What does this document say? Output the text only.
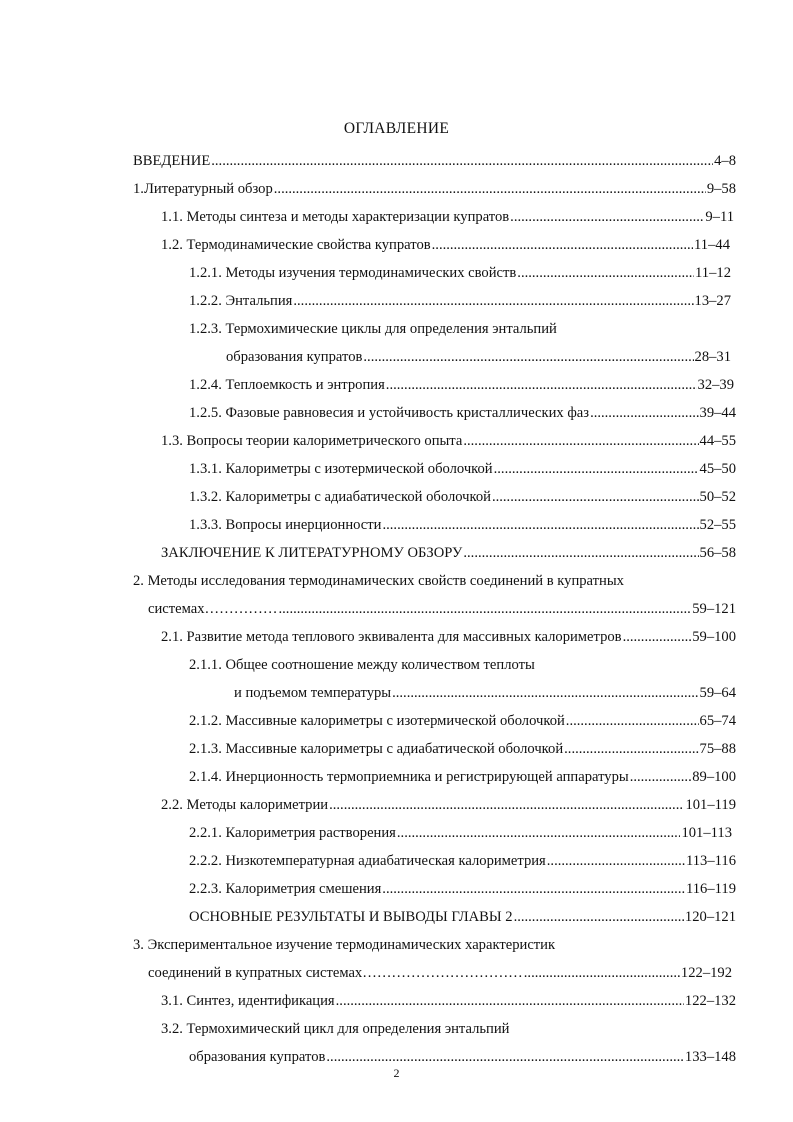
ОГЛАВЛЕНИЕ
ВВЕДЕНИЕ .....	4–8
1.Литературный обзор .....	9–58
1.1. Методы синтеза и методы характеризации купратов .....	9–11
1.2. Термодинамические свойства купратов .....	11–44
1.2.1. Методы изучения термодинамических свойств .....	11–12
1.2.2. Энтальпия .....	13–27
1.2.3. Термохимические циклы для определения энтальпий
образования купратов .....	28–31
1.2.4. Теплоемкость и энтропия .....	32–39
1.2.5. Фазовые равновесия и устойчивость кристаллических фаз .....	39–44
1.3. Вопросы теории калориметрического опыта .....	44–55
1.3.1. Калориметры с изотермической оболочкой .....	45–50
1.3.2. Калориметры с адиабатической оболочкой .....	50–52
1.3.3. Вопросы инерционности .....	52–55
ЗАКЛЮЧЕНИЕ К ЛИТЕРАТУРНОМУ ОБЗОРУ .....	56–58
2. Методы исследования термодинамических свойств соединений в купратных
системах…………… .....	59–121
2.1. Развитие метода теплового эквивалента для массивных калориметров .....	59–100
2.1.1. Общее соотношение между количеством теплоты
и подъемом температуры .....	59–64
2.1.2. Массивные калориметры с изотермической оболочкой .....	65–74
2.1.3. Массивные калориметры с адиабатической оболочкой .....	75–88
2.1.4. Инерционность термоприемника и регистрирующей аппаратуры .....	89–100
2.2. Методы калориметрии .....	101–119
2.2.1. Калориметрия растворения .....	101–113
2.2.2. Низкотемпературная адиабатическая калориметрия .....	113–116
2.2.3. Калориметрия смешения .....	116–119
ОСНОВНЫЕ РЕЗУЛЬТАТЫ И ВЫВОДЫ ГЛАВЫ 2 .....	120–121
3. Экспериментальное изучение термодинамических характеристик
соединений в купратных системах…………………………… .....	122–192
3.1. Синтез, идентификация .....	122–132
3.2. Термохимический цикл для определения энтальпий
образования купратов .....	133–148
2
